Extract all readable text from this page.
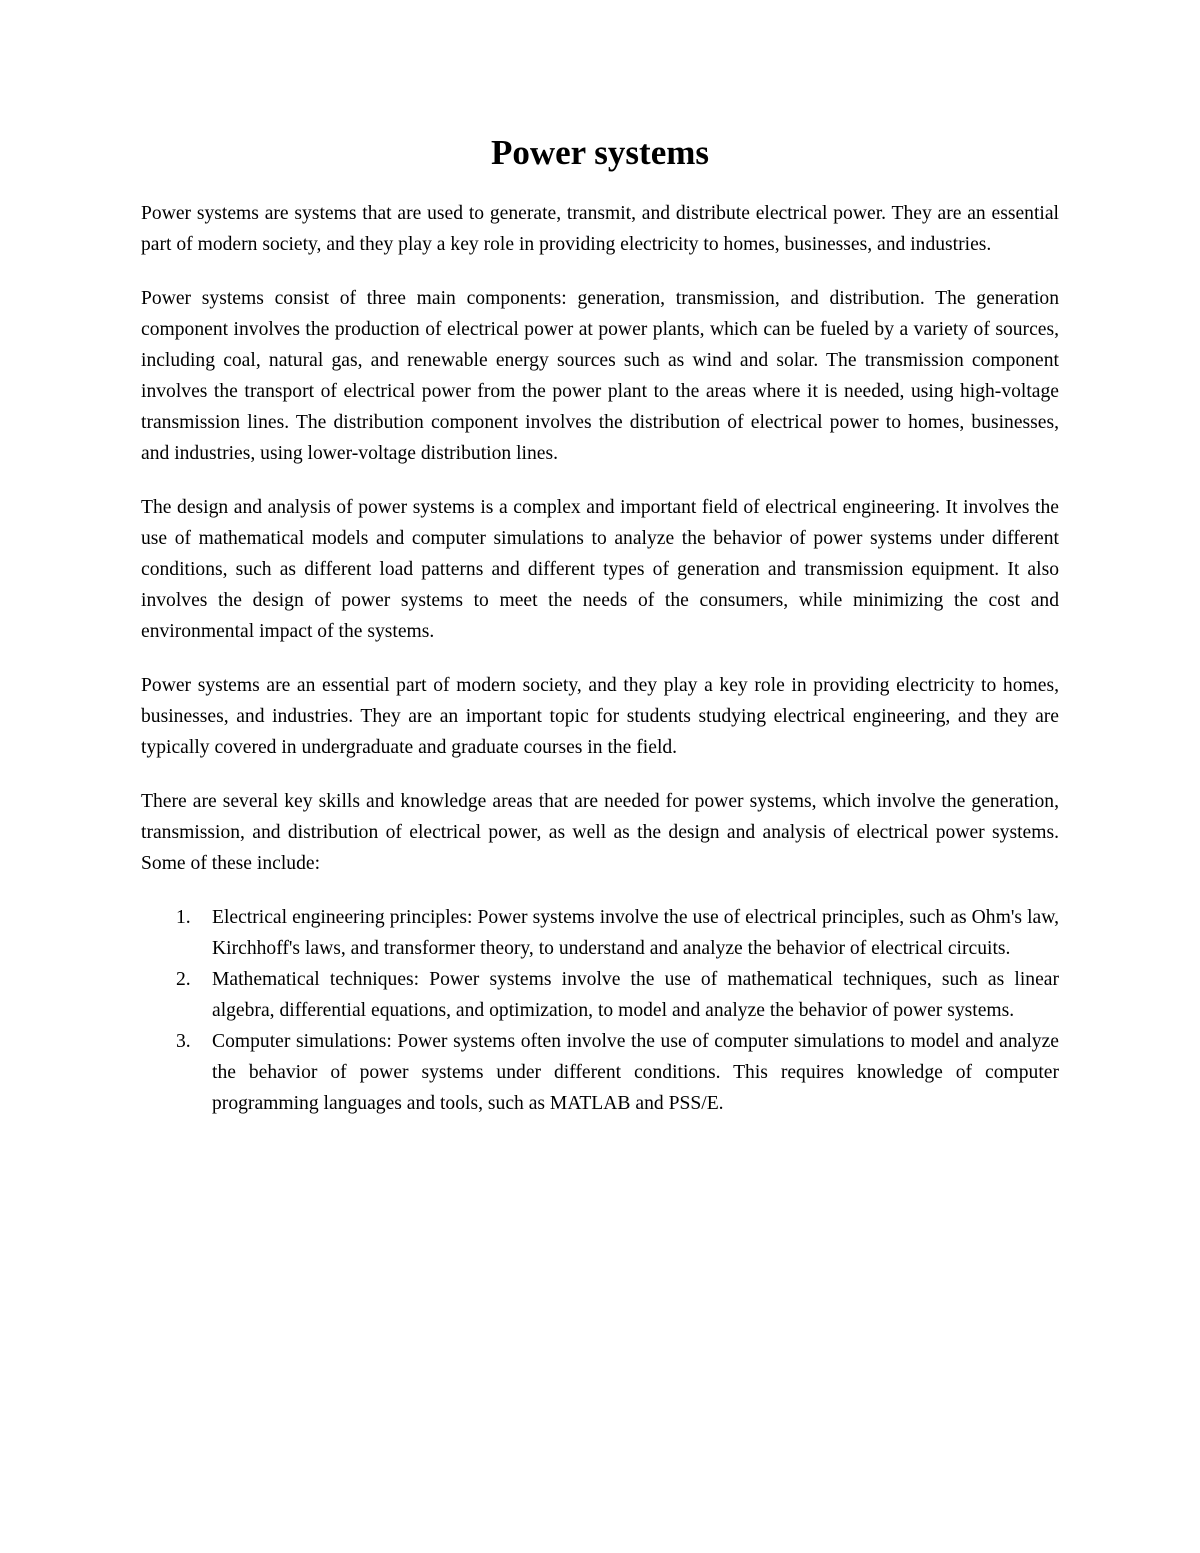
Power systems

Power systems are systems that are used to generate, transmit, and distribute electrical power. They are an essential part of modern society, and they play a key role in providing electricity to homes, businesses, and industries.

Power systems consist of three main components: generation, transmission, and distribution. The generation component involves the production of electrical power at power plants, which can be fueled by a variety of sources, including coal, natural gas, and renewable energy sources such as wind and solar. The transmission component involves the transport of electrical power from the power plant to the areas where it is needed, using high-voltage transmission lines. The distribution component involves the distribution of electrical power to homes, businesses, and industries, using lower-voltage distribution lines.

The design and analysis of power systems is a complex and important field of electrical engineering. It involves the use of mathematical models and computer simulations to analyze the behavior of power systems under different conditions, such as different load patterns and different types of generation and transmission equipment. It also involves the design of power systems to meet the needs of the consumers, while minimizing the cost and environmental impact of the systems.

Power systems are an essential part of modern society, and they play a key role in providing electricity to homes, businesses, and industries. They are an important topic for students studying electrical engineering, and they are typically covered in undergraduate and graduate courses in the field.

There are several key skills and knowledge areas that are needed for power systems, which involve the generation, transmission, and distribution of electrical power, as well as the design and analysis of electrical power systems. Some of these include:

1. Electrical engineering principles: Power systems involve the use of electrical principles, such as Ohm's law, Kirchhoff's laws, and transformer theory, to understand and analyze the behavior of electrical circuits.
2. Mathematical techniques: Power systems involve the use of mathematical techniques, such as linear algebra, differential equations, and optimization, to model and analyze the behavior of power systems.
3. Computer simulations: Power systems often involve the use of computer simulations to model and analyze the behavior of power systems under different conditions. This requires knowledge of computer programming languages and tools, such as MATLAB and PSS/E.
